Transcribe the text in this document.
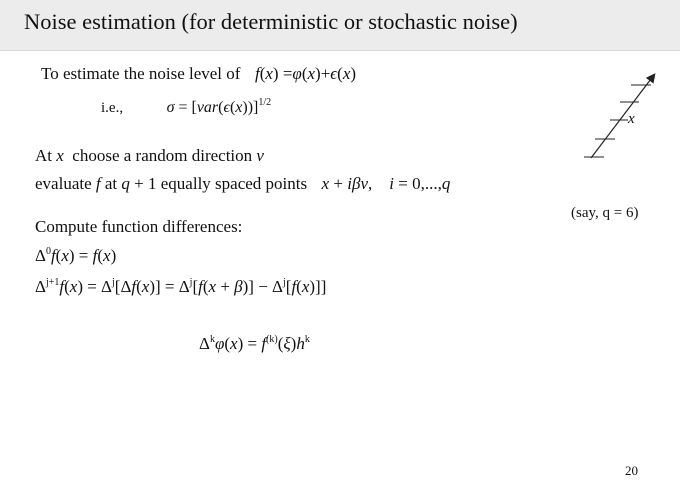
Noise estimation (for deterministic or stochastic noise)
To estimate the noise level of f(x) =φ(x)+ϵ(x)
i.e.,	$\sigma = [var(\epsilon(x))]^{1/2}$
At x choose a random direction v
evaluate f at q + 1 equally spaced points x + iβv,    i = 0,...,q
(say, q = 6)
Compute function differences:
$\Delta^0f(x) = f(x)$
$\Delta^{j+1}f(x) = \Delta^j[\Delta f(x)] = \Delta^j[f(x + \beta)] - \Delta^j[f(x)]$]
$\Delta^k\varphi(x) = f^{(k)}(\xi)h^k$
x
20
